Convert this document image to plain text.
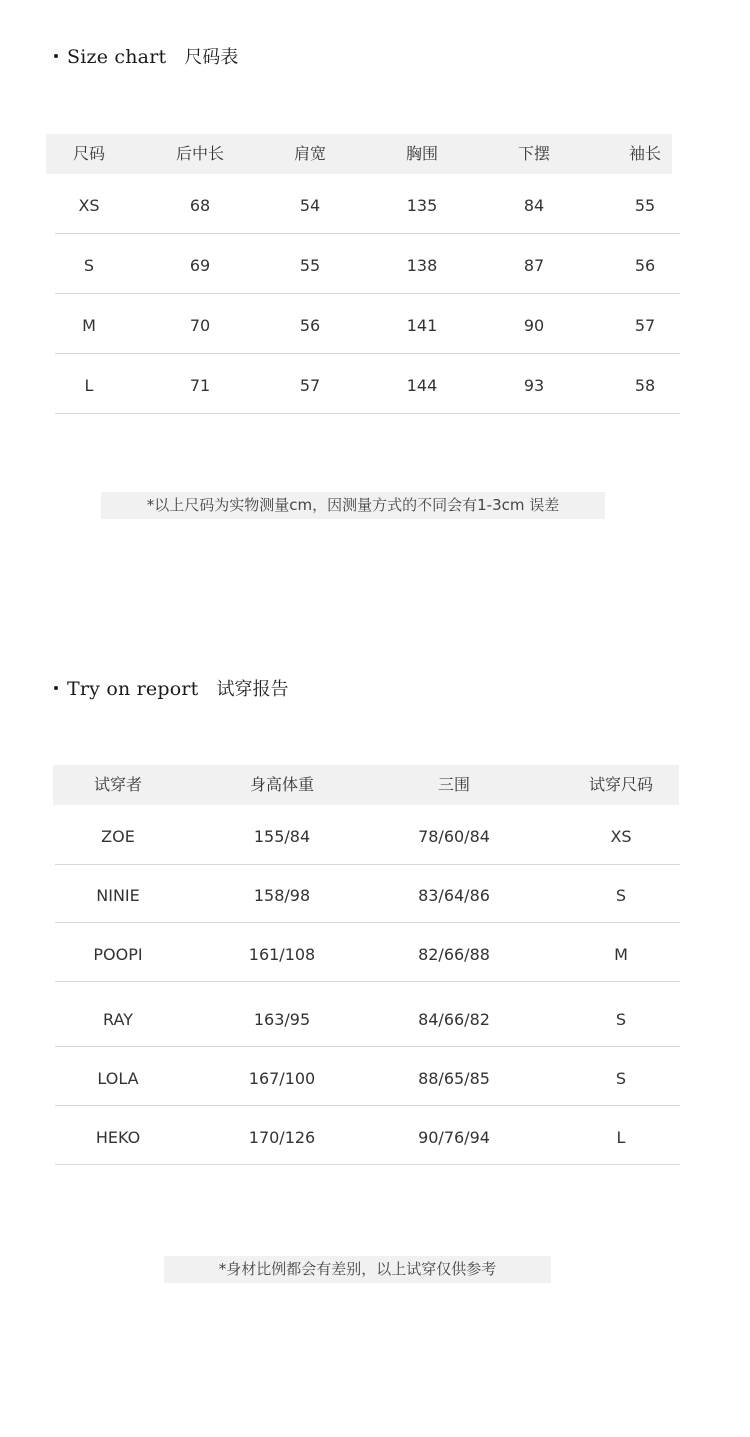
Size chart 尺码表
尺码	后中长	肩宽	胸围	下摆	袖长
XS	68	54	135	84	55
S	69	55	138	87	56
M	70	56	141	90	57
L	71	57	144	93	58
*以上尺码为实物测量cm，因测量方式的不同会有1-3cm 误差
Try on report 试穿报告
试穿者	身高体重	三围	试穿尺码
ZOE	155/84	78/60/84	XS
NINIE	158/98	83/64/86	S
POOPI	161/108	82/66/88	M
RAY	163/95	84/66/82	S
LOLA	167/100	88/65/85	S
HEKO	170/126	90/76/94	L
*身材比例都会有差别，以上试穿仅供参考
